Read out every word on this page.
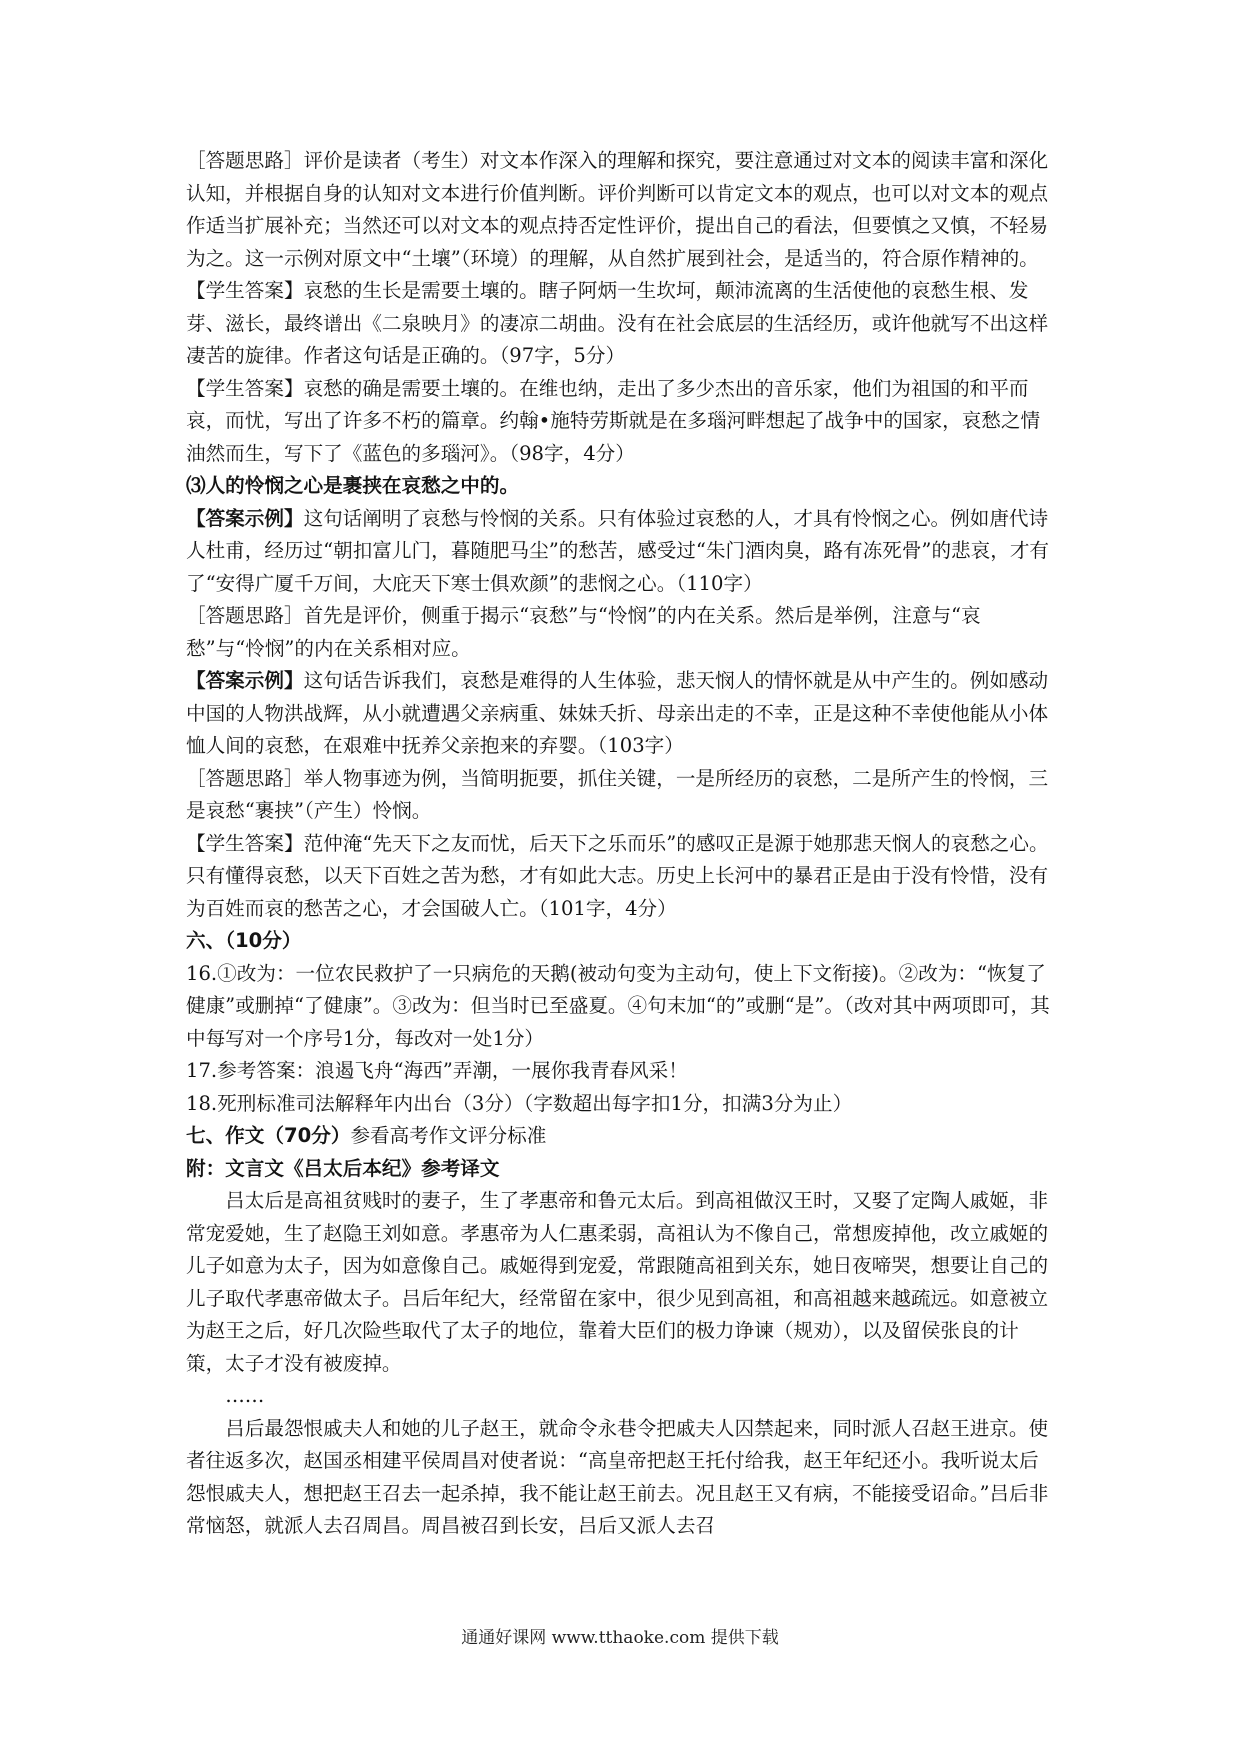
［答题思路］评价是读者（考生）对文本作深入的理解和探究，要注意通过对文本的阅读丰富和深化认知，并根据自身的认知对文本进行价值判断。评价判断可以肯定文本的观点，也可以对文本的观点作适当扩展补充；当然还可以对文本的观点持否定性评价，提出自己的看法，但要慎之又慎，不轻易为之。这一示例对原文中“土壤”（环境）的理解，从自然扩展到社会，是适当的，符合原作精神的。

【学生答案】哀愁的生长是需要土壤的。瞎子阿炳一生坎坷，颠沛流离的生活使他的哀愁生根、发芽、滋长，最终谱出《二泉映月》的凄凉二胡曲。没有在社会底层的生活经历，或许他就写不出这样凄苦的旋律。作者这句话是正确的。（97字，5分）

【学生答案】哀愁的确是需要土壤的。在维也纳，走出了多少杰出的音乐家，他们为祖国的和平而哀，而忧，写出了许多不朽的篇章。约翰•施特劳斯就是在多瑙河畔想起了战争中的国家，哀愁之情油然而生，写下了《蓝色的多瑙河》。（98字，4分）

⑶人的怜悯之心是裹挟在哀愁之中的。

【答案示例】这句话阐明了哀愁与怜悯的关系。只有体验过哀愁的人，才具有怜悯之心。例如唐代诗人杜甫，经历过“朝扣富儿门，暮随肥马尘”的愁苦，感受过“朱门酒肉臭，路有冻死骨”的悲哀，才有了“安得广厦千万间，大庇天下寒士俱欢颜”的悲悯之心。（110字）

［答题思路］首先是评价，侧重于揭示“哀愁”与“怜悯”的内在关系。然后是举例，注意与“哀愁”与“怜悯”的内在关系相对应。

【答案示例】这句话告诉我们，哀愁是难得的人生体验，悲天悯人的情怀就是从中产生的。例如感动中国的人物洪战辉，从小就遭遇父亲病重、妹妹夭折、母亲出走的不幸，正是这种不幸使他能从小体恤人间的哀愁，在艰难中抚养父亲抱来的弃婴。（103字）

［答题思路］举人物事迹为例，当简明扼要，抓住关键，一是所经历的哀愁，二是所产生的怜悯，三是哀愁“裹挟”（产生）怜悯。

【学生答案】范仲淹“先天下之友而忧，后天下之乐而乐”的感叹正是源于她那悲天悯人的哀愁之心。只有懂得哀愁，以天下百姓之苦为愁，才有如此大志。历史上长河中的暴君正是由于没有怜惜，没有为百姓而哀的愁苦之心，才会国破人亡。（101字，4分）

六、（10分）

16.①改为：一位农民救护了一只病危的天鹅(被动句变为主动句，使上下文衔接)。②改为：“恢复了健康”或删掉“了健康”。③改为：但当时已至盛夏。④句末加“的”或删“是”。（改对其中两项即可，其中每写对一个序号1分，每改对一处1分）

17.参考答案：浪遏飞舟“海西”弄潮，一展你我青春风采！

18.死刑标准司法解释年内出台（3分）（字数超出每字扣1分，扣满3分为止）

七、作文（70分）参看高考作文评分标准

附：文言文《吕太后本纪》参考译文

吕太后是高祖贫贱时的妻子，生了孝惠帝和鲁元太后。到高祖做汉王时，又娶了定陶人戚姬，非常宠爱她，生了赵隐王刘如意。孝惠帝为人仁惠柔弱，高祖认为不像自己，常想废掉他，改立戚姬的儿子如意为太子，因为如意像自己。戚姬得到宠爱，常跟随高祖到关东，她日夜啼哭，想要让自己的儿子取代孝惠帝做太子。吕后年纪大，经常留在家中，很少见到高祖，和高祖越来越疏远。如意被立为赵王之后，好几次险些取代了太子的地位，靠着大臣们的极力诤谏（规劝），以及留侯张良的计策，太子才没有被废掉。

……

吕后最怨恨戚夫人和她的儿子赵王，就命令永巷令把戚夫人囚禁起来，同时派人召赵王进京。使者往返多次，赵国丞相建平侯周昌对使者说：“高皇帝把赵王托付给我，赵王年纪还小。我听说太后怨恨戚夫人，想把赵王召去一起杀掉，我不能让赵王前去。况且赵王又有病，不能接受诏命。”吕后非常恼怒，就派人去召周昌。周昌被召到长安，吕后又派人去召

通通好课网 www.tthaoke.com 提供下载
